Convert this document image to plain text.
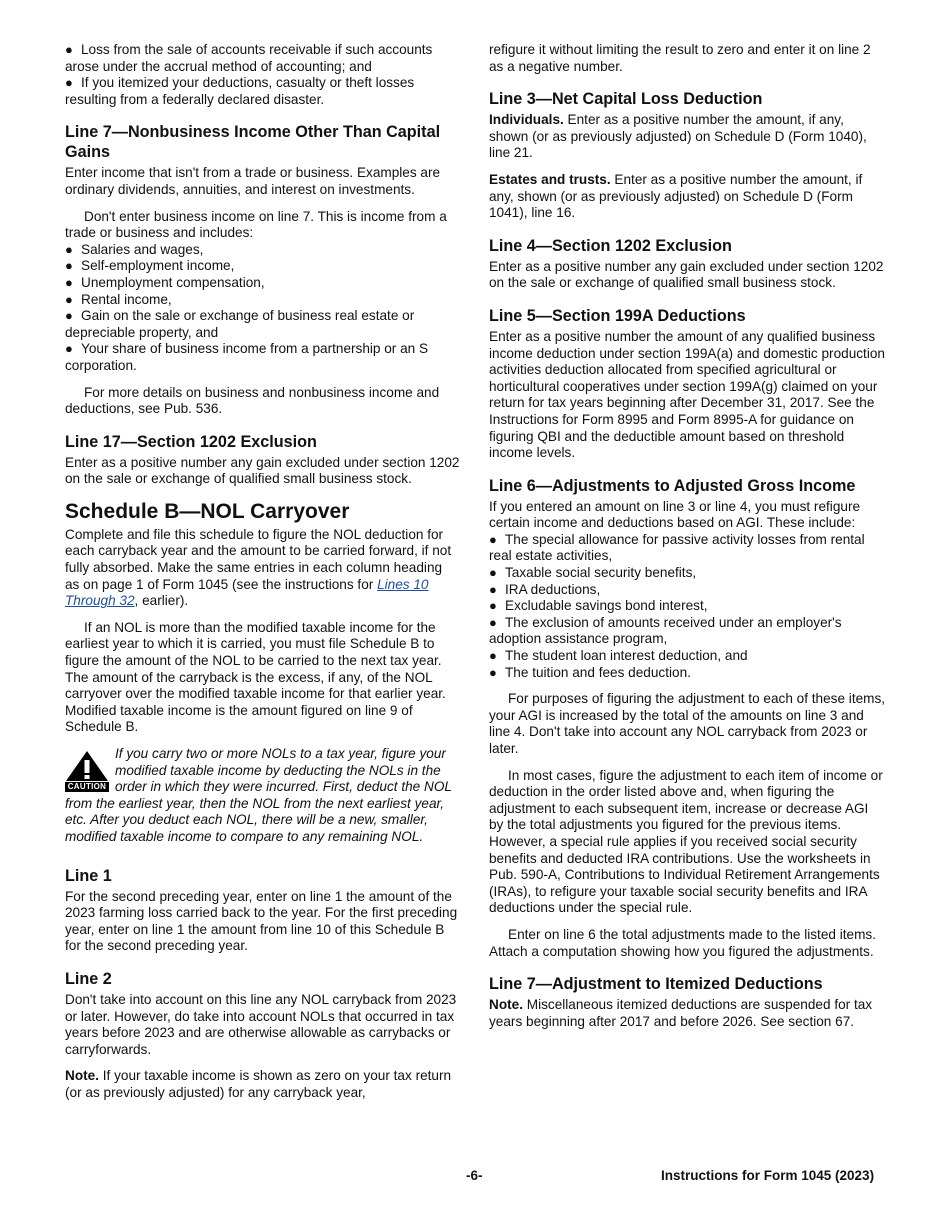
● Loss from the sale of accounts receivable if such accounts arose under the accrual method of accounting; and
● If you itemized your deductions, casualty or theft losses resulting from a federally declared disaster.
Line 7—Nonbusiness Income Other Than Capital Gains

Enter income that isn't from a trade or business. Examples are ordinary dividends, annuities, and interest on investments.

Don't enter business income on line 7. This is income from a trade or business and includes:

● Salaries and wages,
● Self-employment income,
● Unemployment compensation,
● Rental income,
● Gain on the sale or exchange of business real estate or depreciable property, and
● Your share of business income from a partnership or an S corporation.

For more details on business and nonbusiness income and deductions, see Pub. 536.

Line 17—Section 1202 Exclusion

Enter as a positive number any gain excluded under section 1202 on the sale or exchange of qualified small business stock.

Schedule B—NOL Carryover

Complete and file this schedule to figure the NOL deduction for each carryback year and the amount to be carried forward, if not fully absorbed. Make the same entries in each column heading as on page 1 of Form 1045 (see the instructions for Lines 10 Through 32, earlier).

If an NOL is more than the modified taxable income for the earliest year to which it is carried, you must file Schedule B to figure the amount of the NOL to be carried to the next tax year. The amount of the carryback is the excess, if any, of the NOL carryover over the modified taxable income for that earlier year. Modified taxable income is the amount figured on line 9 of Schedule B.

CAUTION
If you carry two or more NOLs to a tax year, figure your modified taxable income by deducting the NOLs in the order in which they were incurred. First, deduct the NOL from the earliest year, then the NOL from the next earliest year, etc. After you deduct each NOL, there will be a new, smaller, modified taxable income to compare to any remaining NOL.
Line 1

For the second preceding year, enter on line 1 the amount of the 2023 farming loss carried back to the year. For the first preceding year, enter on line 1 the amount from line 10 of this Schedule B for the second preceding year.

Line 2

Don't take into account on this line any NOL carryback from 2023 or later. However, do take into account NOLs that occurred in tax years before 2023 and are otherwise allowable as carrybacks or carryforwards.

Note. If your taxable income is shown as zero on your tax return (or as previously adjusted) for any carryback year,

refigure it without limiting the result to zero and enter it on line 2 as a negative number.

Line 3—Net Capital Loss Deduction

Individuals. Enter as a positive number the amount, if any, shown (or as previously adjusted) on Schedule D (Form 1040), line 21.

Estates and trusts. Enter as a positive number the amount, if any, shown (or as previously adjusted) on Schedule D (Form 1041), line 16.

Line 4—Section 1202 Exclusion

Enter as a positive number any gain excluded under section 1202 on the sale or exchange of qualified small business stock.

Line 5—Section 199A Deductions

Enter as a positive number the amount of any qualified business income deduction under section 199A(a) and domestic production activities deduction allocated from specified agricultural or horticultural cooperatives under section 199A(g) claimed on your return for tax years beginning after December 31, 2017. See the Instructions for Form 8995 and Form 8995-A for guidance on figuring QBI and the deductible amount based on threshold income levels.

Line 6—Adjustments to Adjusted Gross Income

If you entered an amount on line 3 or line 4, you must refigure certain income and deductions based on AGI. These include:

● The special allowance for passive activity losses from rental real estate activities,
● Taxable social security benefits,
● IRA deductions,
● Excludable savings bond interest,
● The exclusion of amounts received under an employer's adoption assistance program,
● The student loan interest deduction, and
● The tuition and fees deduction.

For purposes of figuring the adjustment to each of these items, your AGI is increased by the total of the amounts on line 3 and line 4. Don't take into account any NOL carryback from 2023 or later.

In most cases, figure the adjustment to each item of income or deduction in the order listed above and, when figuring the adjustment to each subsequent item, increase or decrease AGI by the total adjustments you figured for the previous items. However, a special rule applies if you received social security benefits and deducted IRA contributions. Use the worksheets in Pub. 590-A, Contributions to Individual Retirement Arrangements (IRAs), to refigure your taxable social security benefits and IRA deductions under the special rule.

Enter on line 6 the total adjustments made to the listed items. Attach a computation showing how you figured the adjustments.

Line 7—Adjustment to Itemized Deductions

Note. Miscellaneous itemized deductions are suspended for tax years beginning after 2017 and before 2026. See section 67.

-6-	Instructions for Form 1045 (2023)
